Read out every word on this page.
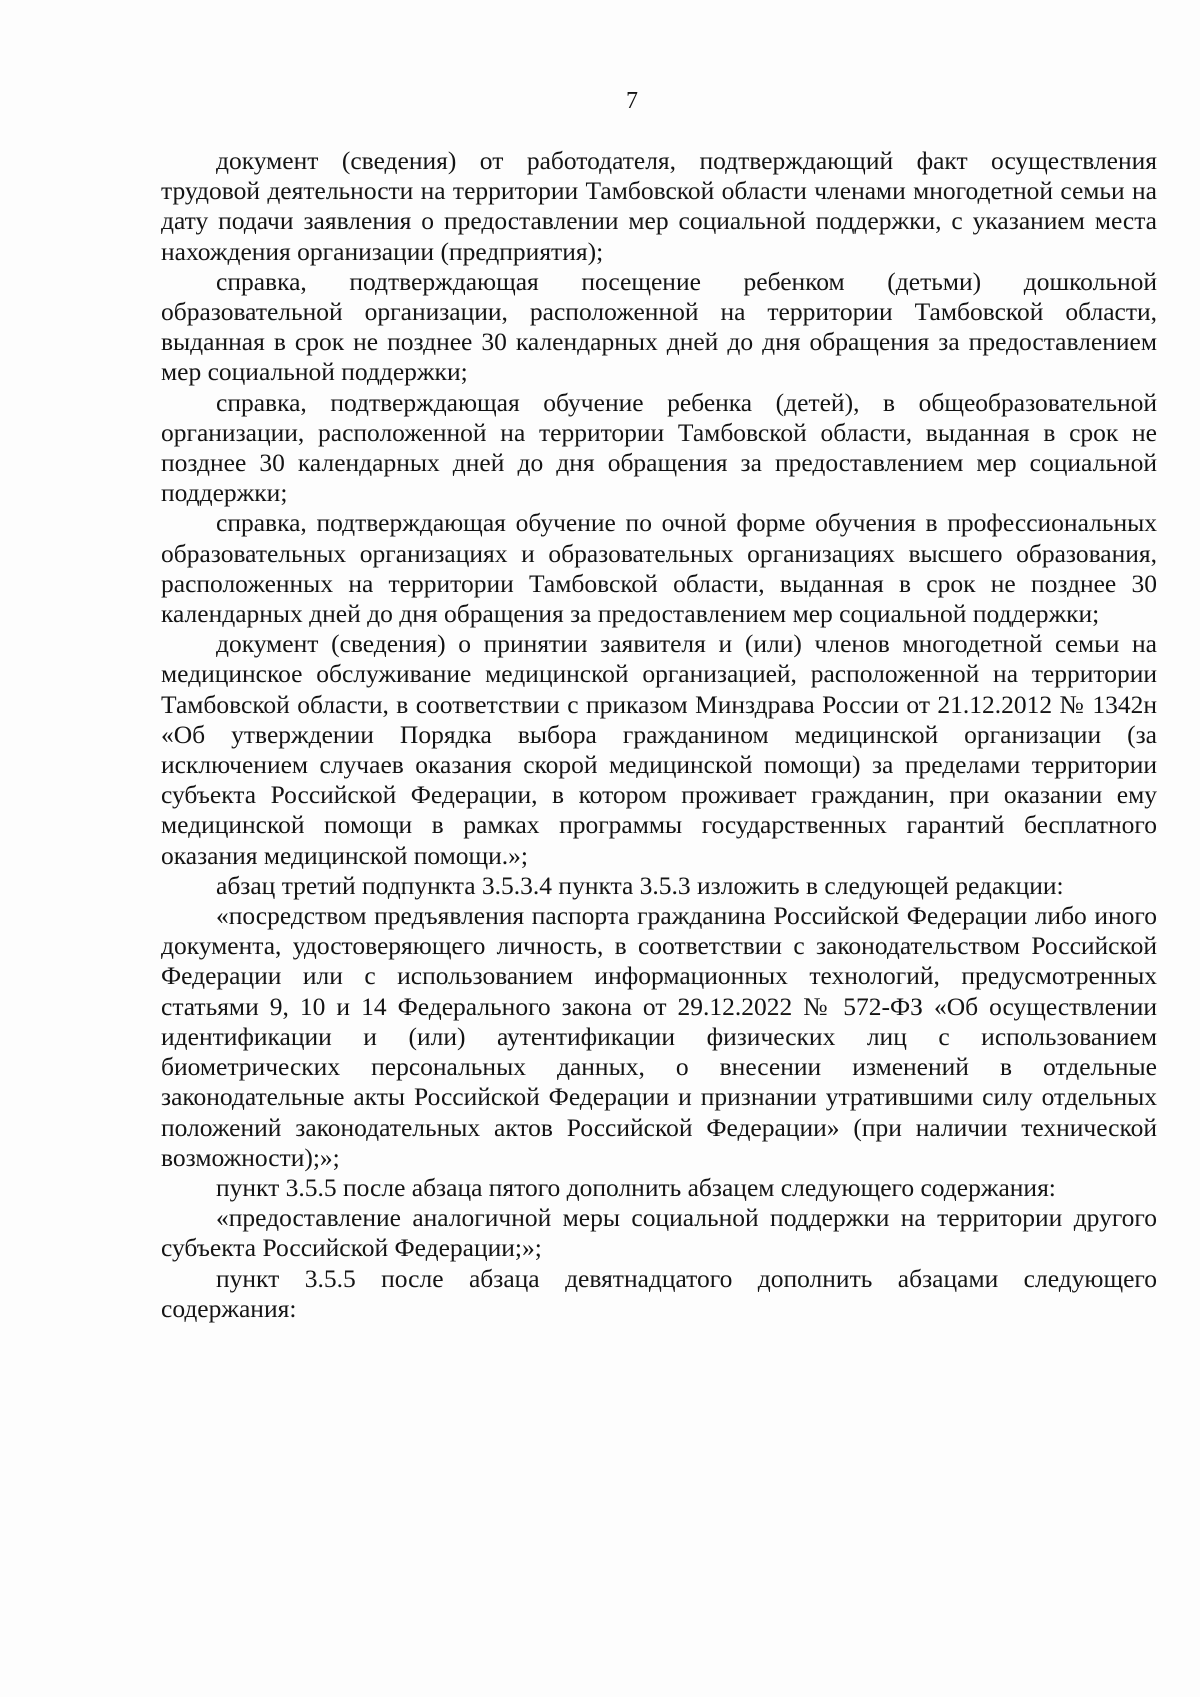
7

документ (сведения) от работодателя, подтверждающий факт осуществления трудовой деятельности на территории Тамбовской области членами многодетной семьи на дату подачи заявления о предоставлении мер социальной поддержки, с указанием места нахождения организации (предприятия);

справка, подтверждающая посещение ребенком (детьми) дошкольной образовательной организации, расположенной на территории Тамбовской области, выданная в срок не позднее 30 календарных дней до дня обращения за предоставлением мер социальной поддержки;

справка, подтверждающая обучение ребенка (детей), в общеобразовательной организации, расположенной на территории Тамбовской области, выданная в срок не позднее 30 календарных дней до дня обращения за предоставлением мер социальной поддержки;

справка, подтверждающая обучение по очной форме обучения в профессиональных образовательных организациях и образовательных организациях высшего образования, расположенных на территории Тамбовской области, выданная в срок не позднее 30 календарных дней до дня обращения за предоставлением мер социальной поддержки;

документ (сведения) о принятии заявителя и (или) членов многодетной семьи на медицинское обслуживание медицинской организацией, расположенной на территории Тамбовской области, в соответствии с приказом Минздрава России от 21.12.2012 № 1342н «Об утверждении Порядка выбора гражданином медицинской организации (за исключением случаев оказания скорой медицинской помощи) за пределами территории субъекта Российской Федерации, в котором проживает гражданин, при оказании ему медицинской помощи в рамках программы государственных гарантий бесплатного оказания медицинской помощи.»;

абзац третий подпункта 3.5.3.4 пункта 3.5.3 изложить в следующей редакции:

«посредством предъявления паспорта гражданина Российской Федерации либо иного документа, удостоверяющего личность, в соответствии с законодательством Российской Федерации или с использованием информационных технологий, предусмотренных статьями 9, 10 и 14 Федерального закона от 29.12.2022 № 572-ФЗ «Об осуществлении идентификации и (или) аутентификации физических лиц с использованием биометрических персональных данных, о внесении изменений в отдельные законодательные акты Российской Федерации и признании утратившими силу отдельных положений законодательных актов Российской Федерации» (при наличии технической возможности);»;

пункт 3.5.5 после абзаца пятого дополнить абзацем следующего содержания:

«предоставление аналогичной меры социальной поддержки на территории другого субъекта Российской Федерации;»;

пункт 3.5.5 после абзаца девятнадцатого дополнить абзацами следующего содержания:
